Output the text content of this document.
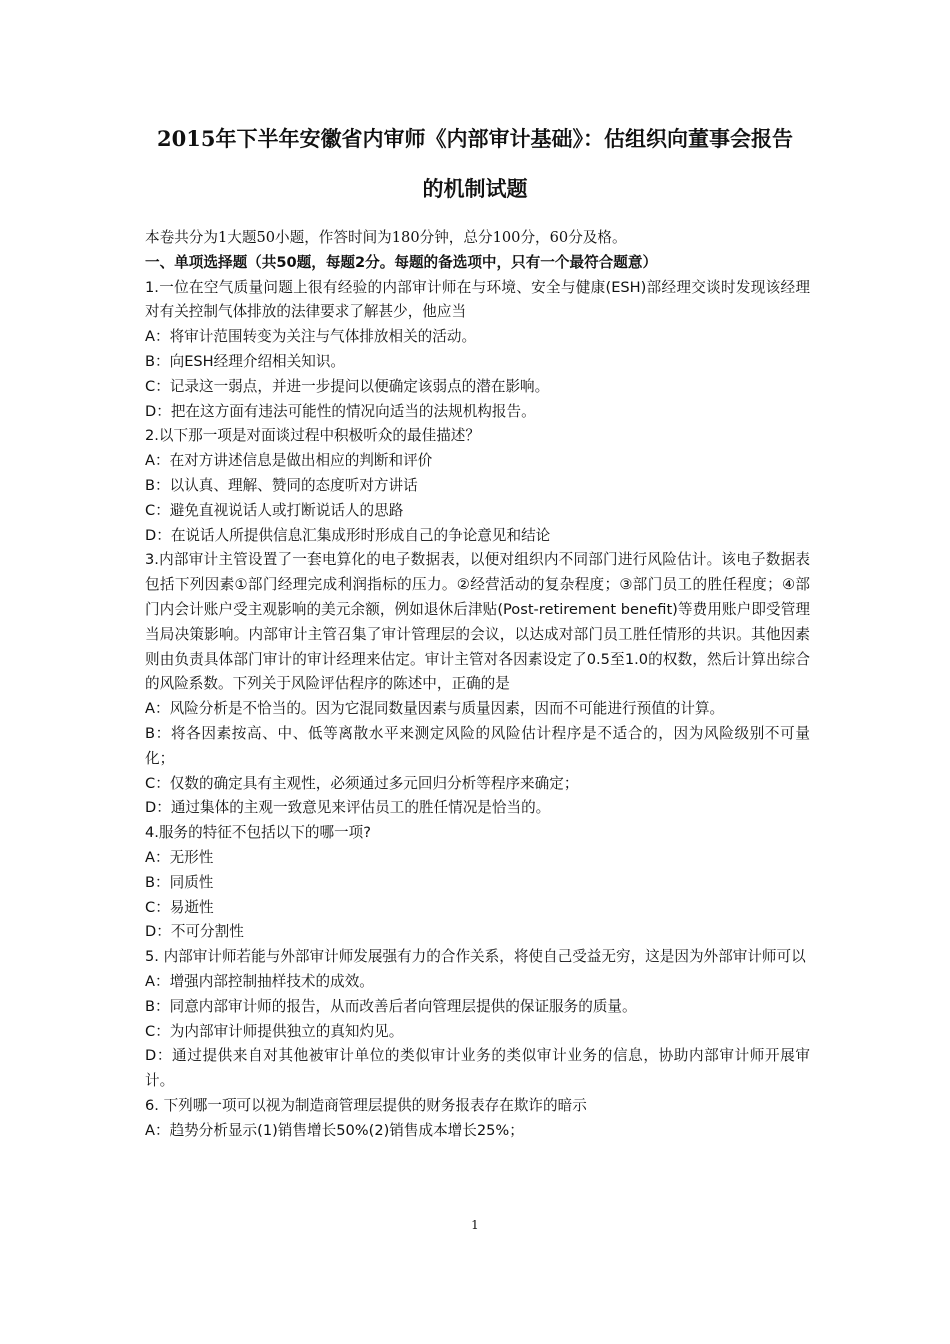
2015年下半年安徽省内审师《内部审计基础》：估组织向董事会报告
的机制试题

本卷共分为1大题50小题，作答时间为180分钟，总分100分，60分及格。

一、单项选择题（共50题，每题2分。每题的备选项中，只有一个最符合题意）

1.一位在空气质量问题上很有经验的内部审计师在与环境、安全与健康(ESH)部经理交谈时发现该经理对有关控制气体排放的法律要求了解甚少，他应当

A：将审计范围转变为关注与气体排放相关的活动。

B：向ESH经理介绍相关知识。

C：记录这一弱点，并进一步提问以便确定该弱点的潜在影响。

D：把在这方面有违法可能性的情况向适当的法规机构报告。

2.以下那一项是对面谈过程中积极听众的最佳描述？

A：在对方讲述信息是做出相应的判断和评价

B：以认真、理解、赞同的态度听对方讲话

C：避免直视说话人或打断说话人的思路

D：在说话人所提供信息汇集成形时形成自己的争论意见和结论

3.内部审计主管设置了一套电算化的电子数据表，以便对组织内不同部门进行风险估计。该电子数据表包括下列因素①部门经理完成利润指标的压力。②经营活动的复杂程度；③部门员工的胜任程度；④部门内会计账户受主观影响的美元余额，例如退休后津贴(Post-retirement benefit)等费用账户即受管理当局决策影响。内部审计主管召集了审计管理层的会议，以达成对部门员工胜任情形的共识。其他因素则由负责具体部门审计的审计经理来估定。审计主管对各因素设定了0.5至1.0的权数，然后计算出综合的风险系数。下列关于风险评估程序的陈述中，正确的是

A：风险分析是不恰当的。因为它混同数量因素与质量因素，因而不可能进行预值的计算。

B：将各因素按高、中、低等离散水平来测定风险的风险估计程序是不适合的，因为风险级别不可量化；

C：仅数的确定具有主观性，必须通过多元回归分析等程序来确定；

D：通过集体的主观一致意见来评估员工的胜任情况是恰当的。

4.服务的特征不包括以下的哪一项?

A：无形性

B：同质性

C：易逝性

D：不可分割性

5. 内部审计师若能与外部审计师发展强有力的合作关系，将使自己受益无穷，这是因为外部审计师可以

A：增强内部控制抽样技术的成效。

B：同意内部审计师的报告，从而改善后者向管理层提供的保证服务的质量。

C：为内部审计师提供独立的真知灼见。

D：通过提供来自对其他被审计单位的类似审计业务的类似审计业务的信息，协助内部审计师开展审计。

6. 下列哪一项可以视为制造商管理层提供的财务报表存在欺诈的暗示

A：趋势分析显示(1)销售增长50%(2)销售成本增长25%；

1
